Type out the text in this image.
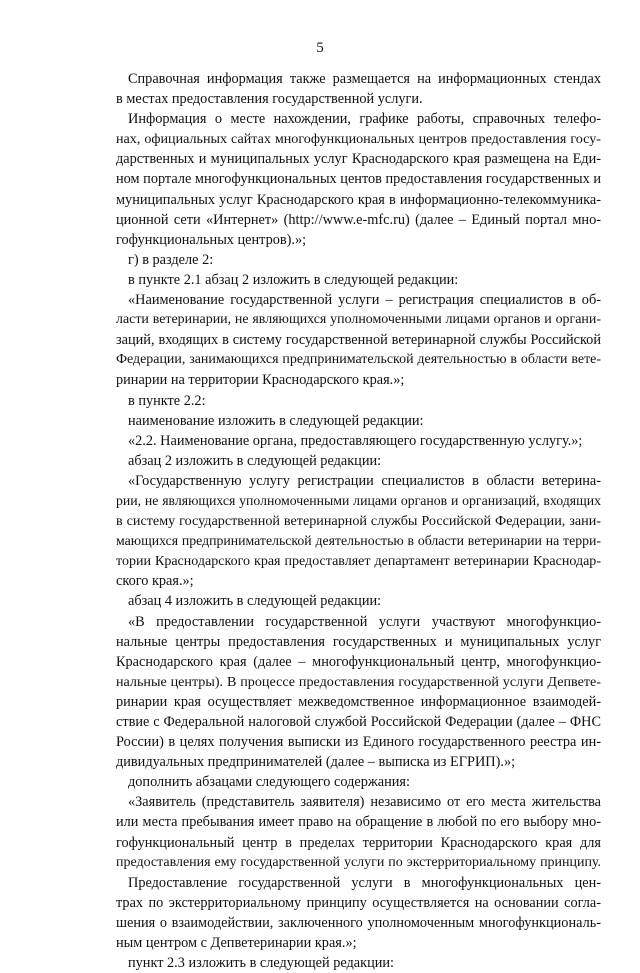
5
Справочная информация также размещается на информационных стендах
в местах предоставления государственной услуги.
Информация о месте нахождении, графике работы, справочных телефо-
нах, официальных сайтах многофункциональных центров предоставления госу-
дарственных и муниципальных услуг Краснодарского края размещена на Еди-
ном портале многофункциональных центов предоставления государственных и
муниципальных услуг Краснодарского края в информационно-телекоммуника-
ционной сети «Интернет» (http://www.e-mfc.ru) (далее – Единый портал мно-
гофункциональных центров).»;
г) в разделе 2:
в пункте 2.1 абзац 2 изложить в следующей редакции:
«Наименование государственной услуги – регистрация специалистов в об-
ласти ветеринарии, не являющихся уполномоченными лицами органов и органи-
заций, входящих в систему государственной ветеринарной службы Российской
Федерации, занимающихся предпринимательской деятельностью в области вете-
ринарии на территории Краснодарского края.»;
в пункте 2.2:
наименование изложить в следующей редакции:
«2.2. Наименование органа, предоставляющего государственную услугу.»;
абзац 2 изложить в следующей редакции:
«Государственную услугу регистрации специалистов в области ветерина-
рии, не являющихся уполномоченными лицами органов и организаций, входящих
в систему государственной ветеринарной службы Российской Федерации, зани-
мающихся предпринимательской деятельностью в области ветеринарии на терри-
тории Краснодарского края предоставляет департамент ветеринарии Краснодар-
ского края.»;
абзац 4 изложить в следующей редакции:
«В предоставлении государственной услуги участвуют многофункцио-
нальные центры предоставления государственных и муниципальных услуг
Краснодарского края (далее – многофункциональный центр, многофункцио-
нальные центры). В процессе предоставления государственной услуги Депвете-
ринарии края осуществляет межведомственное информационное взаимодей-
ствие с Федеральной налоговой службой Российской Федерации (далее – ФНС
России) в целях получения выписки из Единого государственного реестра ин-
дивидуальных предпринимателей (далее – выписка из ЕГРИП).»;
дополнить абзацами следующего содержания:
«Заявитель (представитель заявителя) независимо от его места жительства
или места пребывания имеет право на обращение в любой по его выбору мно-
гофункциональный центр в пределах территории Краснодарского края для
предоставления ему государственной услуги по экстерриториальному принципу.
Предоставление государственной услуги в многофункциональных цен-
трах по экстерриториальному принципу осуществляется на основании согла-
шения о взаимодействии, заключенного уполномоченным многофункциональ-
ным центром с Депветеринарии края.»;
пункт 2.3 изложить в следующей редакции:
